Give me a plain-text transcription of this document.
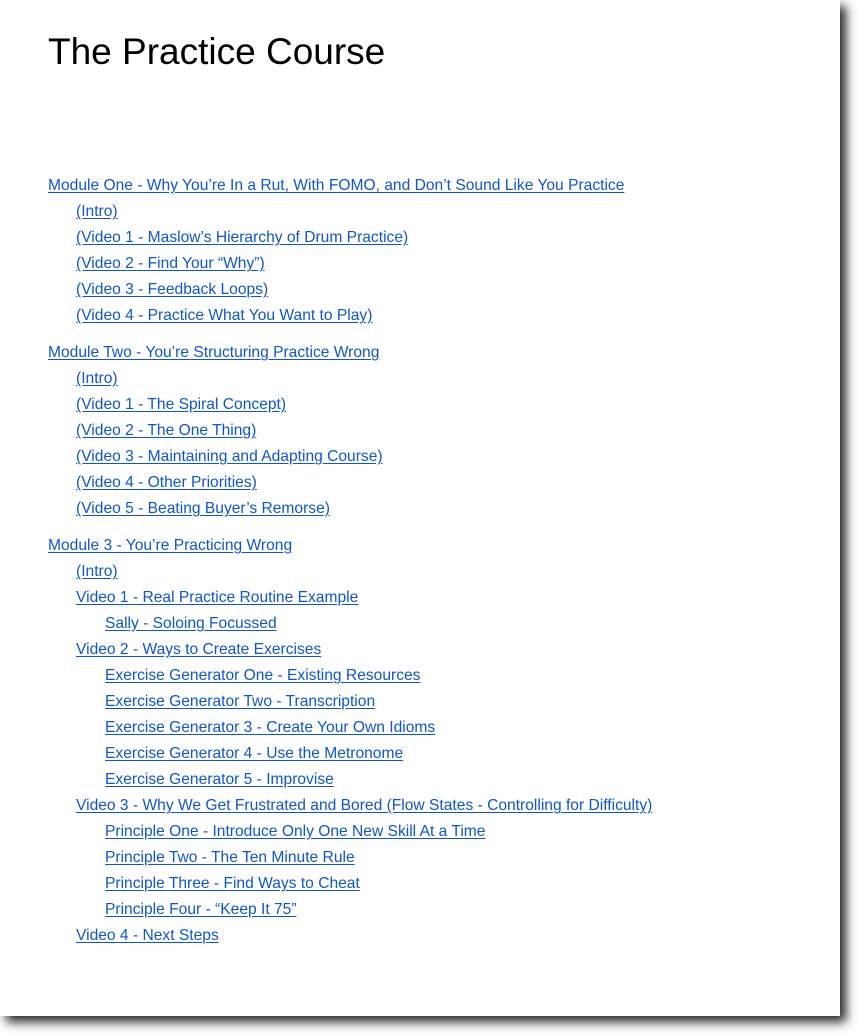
The Practice Course
Module One - Why You’re In a Rut, With FOMO, and Don’t Sound Like You Practice
(Intro)
(Video 1 - Maslow’s Hierarchy of Drum Practice)
(Video 2 - Find Your “Why”)
(Video 3 - Feedback Loops)
(Video 4 - Practice What You Want to Play)
Module Two - You’re Structuring Practice Wrong
(Intro)
(Video 1 - The Spiral Concept)
(Video 2 - The One Thing)
(Video 3 - Maintaining and Adapting Course)
(Video 4 - Other Priorities)
(Video 5 - Beating Buyer’s Remorse)
Module 3 - You’re Practicing Wrong
(Intro)
Video 1 - Real Practice Routine Example
Sally - Soloing Focussed
Video 2 - Ways to Create Exercises
Exercise Generator One - Existing Resources
Exercise Generator Two - Transcription
Exercise Generator 3 - Create Your Own Idioms
Exercise Generator 4 - Use the Metronome
Exercise Generator 5 - Improvise
Video 3 - Why We Get Frustrated and Bored (Flow States - Controlling for Difficulty)
Principle One - Introduce Only One New Skill At a Time
Principle Two - The Ten Minute Rule
Principle Three - Find Ways to Cheat
Principle Four - “Keep It 75”
Video 4 - Next Steps
